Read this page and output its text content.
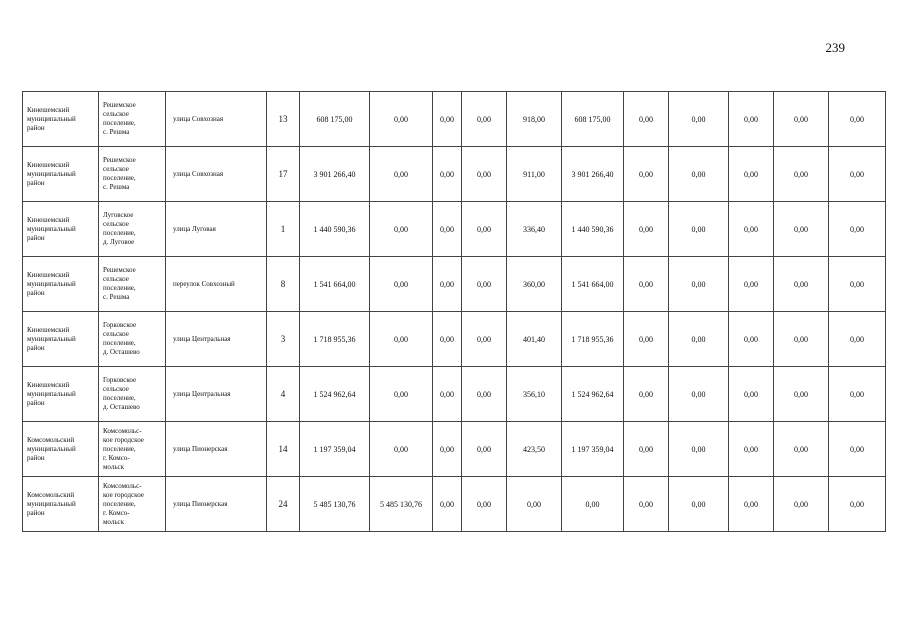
239
Кинешемский
муниципальный
район	Решемское
сельское
поселение,
с. Решма	улица Совхозная	13	608 175,00	0,00	0,00	0,00	918,00	608 175,00	0,00	0,00	0,00	0,00	0,00
Кинешемский
муниципальный
район	Решемское
сельское
поселение,
с. Решма	улица Совхозная	17	3 901 266,40	0,00	0,00	0,00	911,00	3 901 266,40	0,00	0,00	0,00	0,00	0,00
Кинешемский
муниципальный
район	Луговское
сельское
поселение,
д. Луговое	улица Луговая	1	1 440 590,36	0,00	0,00	0,00	336,40	1 440 590,36	0,00	0,00	0,00	0,00	0,00
Кинешемский
муниципальный
район	Решемское
сельское
поселение,
с. Решма	переулок Совхозный	8	1 541 664,00	0,00	0,00	0,00	360,00	1 541 664,00	0,00	0,00	0,00	0,00	0,00
Кинешемский
муниципальный
район	Горковское
сельское
поселение,
д. Осташево	улица Центральная	3	1 718 955,36	0,00	0,00	0,00	401,40	1 718 955,36	0,00	0,00	0,00	0,00	0,00
Кинешемский
муниципальный
район	Горковское
сельское
поселение,
д. Осташево	улица Центральная	4	1 524 962,64	0,00	0,00	0,00	356,10	1 524 962,64	0,00	0,00	0,00	0,00	0,00
Комсомольский
муниципальный
район	Комсомольс-
кое городское
поселение,
г. Комсо-
мольск	улица Пионерская	14	1 197 359,04	0,00	0,00	0,00	423,50	1 197 359,04	0,00	0,00	0,00	0,00	0,00
Комсомольский
муниципальный
район	Комсомольс-
кое городское
поселение,
г. Комсо-
мольск	улица Пионерская	24	5 485 130,76	5 485 130,76	0,00	0,00	0,00	0,00	0,00	0,00	0,00	0,00	0,00
